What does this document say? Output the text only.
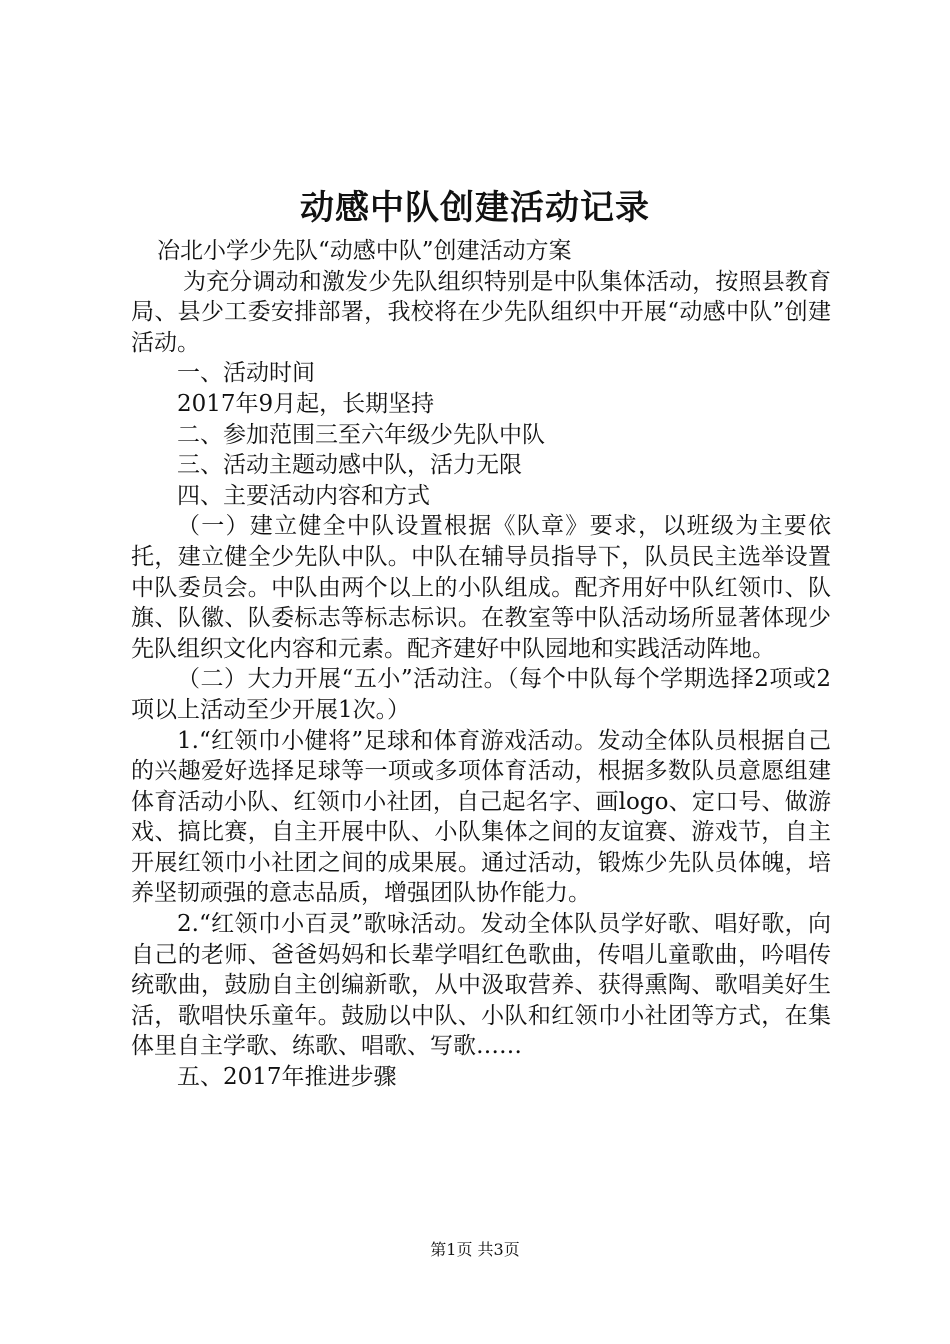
动感中队创建活动记录

冶北小学少先队“动感中队”创建活动方案

为充分调动和激发少先队组织特别是中队集体活动，按照县教育局、县少工委安排部署，我校将在少先队组织中开展“动感中队”创建活动。

一、活动时间

2017年9月起，长期坚持

二、参加范围三至六年级少先队中队

三、活动主题动感中队，活力无限

四、主要活动内容和方式

（一）建立健全中队设置根据《队章》要求，以班级为主要依托，建立健全少先队中队。中队在辅导员指导下，队员民主选举设置中队委员会。中队由两个以上的小队组成。配齐用好中队红领巾、队旗、队徽、队委标志等标志标识。在教室等中队活动场所显著体现少先队组织文化内容和元素。配齐建好中队园地和实践活动阵地。

（二）大力开展“五小”活动注。（每个中队每个学期选择2项或2项以上活动至少开展1次。）

1.“红领巾小健将”足球和体育游戏活动。发动全体队员根据自己的兴趣爱好选择足球等一项或多项体育活动，根据多数队员意愿组建体育活动小队、红领巾小社团，自己起名字、画logo、定口号、做游戏、搞比赛，自主开展中队、小队集体之间的友谊赛、游戏节，自主开展红领巾小社团之间的成果展。通过活动，锻炼少先队员体魄，培养坚韧顽强的意志品质，增强团队协作能力。

2.“红领巾小百灵”歌咏活动。发动全体队员学好歌、唱好歌，向自己的老师、爸爸妈妈和长辈学唱红色歌曲，传唱儿童歌曲，吟唱传统歌曲，鼓励自主创编新歌，从中汲取营养、获得熏陶、歌唱美好生活，歌唱快乐童年。鼓励以中队、小队和红领巾小社团等方式，在集体里自主学歌、练歌、唱歌、写歌……

五、2017年推进步骤

第1页 共3页
